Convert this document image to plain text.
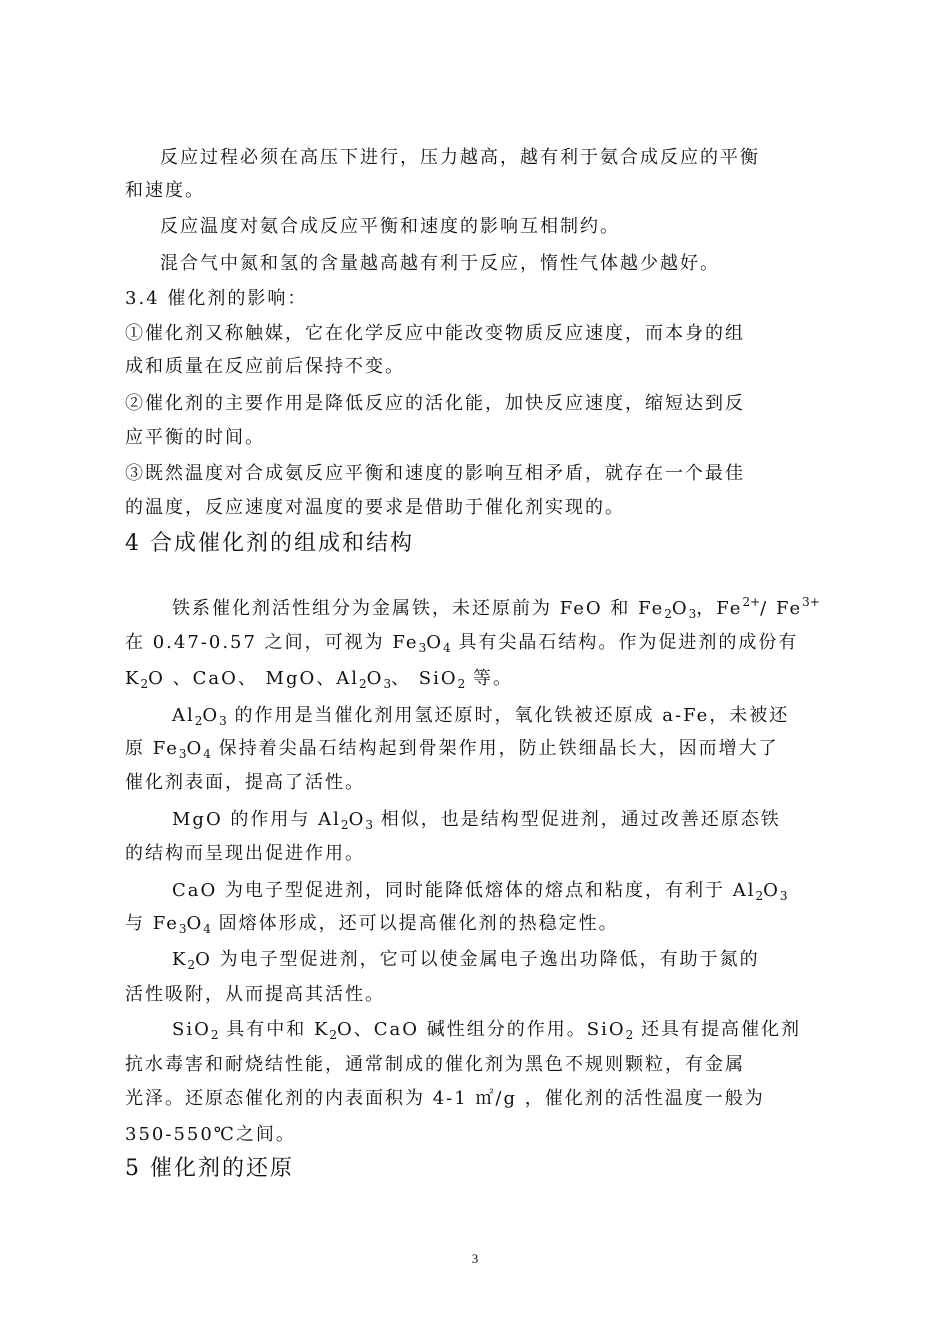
反应过程必须在高压下进行，压力越高，越有利于氨合成反应的平衡
和速度。
反应温度对氨合成反应平衡和速度的影响互相制约。
混合气中氮和氢的含量越高越有利于反应，惰性气体越少越好。
3.4 催化剂的影响：
①催化剂又称触媒，它在化学反应中能改变物质反应速度，而本身的组
成和质量在反应前后保持不变。
②催化剂的主要作用是降低反应的活化能，加快反应速度，缩短达到反
应平衡的时间。
③既然温度对合成氨反应平衡和速度的影响互相矛盾，就存在一个最佳
的温度，反应速度对温度的要求是借助于催化剂实现的。
4 合成催化剂的组成和结构
铁系催化剂活性组分为金属铁，未还原前为 FeO 和 $Fe_2O_3$，$Fe^{2+}/$ $Fe^{3+}$
在 0.47-0.57 之间，可视为 $Fe_3O_4$ 具有尖晶石结构。作为促进剂的成份有
$K_2O$ 、CaO、 MgO、$Al_2O_3$、 SiO$_2$ 等。
$Al_2O_3$ 的作用是当催化剂用氢还原时，氧化铁被还原成 a-Fe，未被还
原 $Fe_3O_4$ 保持着尖晶石结构起到骨架作用，防止铁细晶长大，因而增大了
催化剂表面，提高了活性。
MgO 的作用与 $Al_2O_3$ 相似，也是结构型促进剂，通过改善还原态铁
的结构而呈现出促进作用。
CaO 为电子型促进剂，同时能降低熔体的熔点和粘度，有利于 $Al_2O_3$
与 $Fe_3O_4$ 固熔体形成，还可以提高催化剂的热稳定性。
$K_2O$ 为电子型促进剂，它可以使金属电子逸出功降低，有助于氮的
活性吸附，从而提高其活性。
SiO$_2$ 具有中和 $K_2O$、CaO 碱性组分的作用。SiO$_2$ 还具有提高催化剂
抗水毒害和耐烧结性能，通常制成的催化剂为黑色不规则颗粒，有金属
光泽。还原态催化剂的内表面积为 4-1 ㎡/g ，催化剂的活性温度一般为
350-550℃之间。
5 催化剂的还原
3
